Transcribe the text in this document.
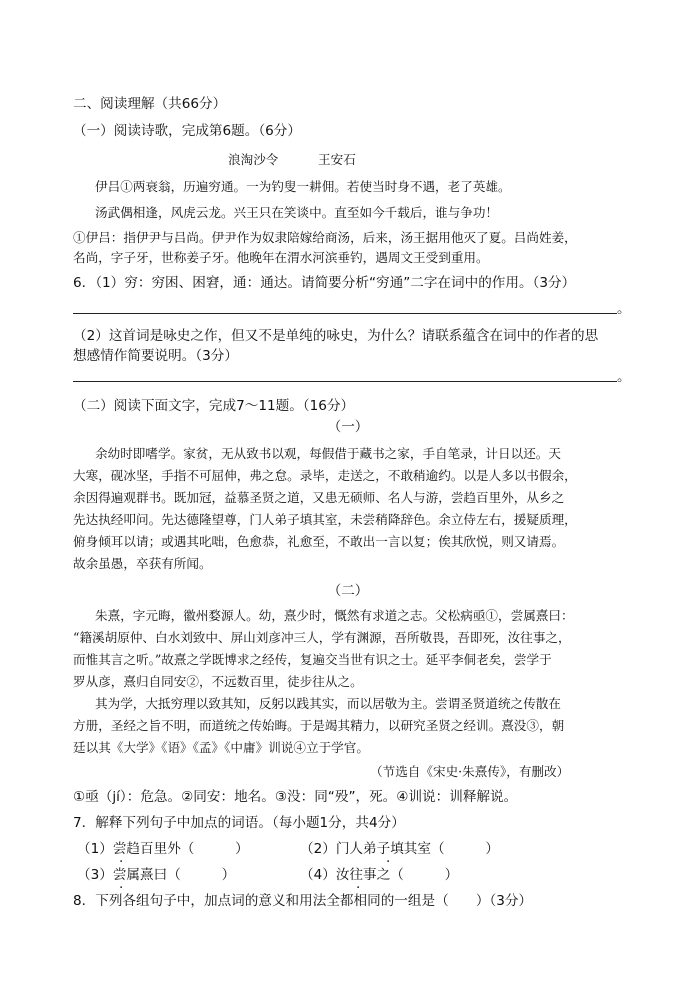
二、阅读理解（共66分）
（一）阅读诗歌，完成第6题。（6分）
浪淘沙令	王安石
伊吕①两衰翁，历遍穷通。一为钓叟一耕佣。若使当时身不遇，老了英雄。
汤武偶相逢，风虎云龙。兴王只在笑谈中。直至如今千载后，谁与争功！
①伊吕：指伊尹与吕尚。伊尹作为奴隶陪嫁给商汤，后来，汤王据用他灭了夏。吕尚姓姜，
名尚，字子牙，世称姜子牙。他晚年在渭水河滨垂钓，遇周文王受到重用。
6．（1）穷：穷困、困窘，通：通达。请简要分析“穷通”二字在词中的作用。（3分）
。
（2）这首词是咏史之作，但又不是单纯的咏史，为什么？请联系蕴含在词中的作者的思
想感情作简要说明。（3分）
。
（二）阅读下面文字，完成7～11题。（16分）
（一）
余幼时即嗜学。家贫，无从致书以观，每假借于藏书之家，手自笔录，计日以还。天
大寒，砚冰坚，手指不可屈伸，弗之怠。录毕，走送之，不敢稍逾约。以是人多以书假余，
余因得遍观群书。既加冠，益慕圣贤之道，又患无硕师、名人与游，尝趋百里外，从乡之
先达执经叩问。先达德隆望尊，门人弟子填其室，未尝稍降辞色。余立侍左右，援疑质理，
俯身倾耳以请；或遇其叱咄，色愈恭，礼愈至，不敢出一言以复；俟其欣悦，则又请焉。
故余虽愚，卒获有所闻。
（二）
朱熹，字元晦，徽州婺源人。幼，熹少时，慨然有求道之志。父松病亟①，尝属熹曰：
“籍溪胡原仲、白水刘致中、屏山刘彦冲三人，学有渊源，吾所敬畏，吾即死，汝往事之，
而惟其言之听。”故熹之学既博求之经传，复遍交当世有识之士。延平李侗老矣，尝学于
罗从彦，熹归自同安②，不远数百里，徒步往从之。
其为学，大抵穷理以致其知，反躬以践其实，而以居敬为主。尝谓圣贤道统之传散在
方册，圣经之旨不明，而道统之传始晦。于是竭其精力，以研究圣贤之经训。熹没③，朝
廷以其《大学》《语》《孟》《中庸》训说④立于学官。
（节选自《宋史·朱熹传》，有删改）
①亟（jí）：危急。②同安：地名。③没：同“殁”，死。④训说：训释解说。
7．解释下列句子中加点的词语。（每小题1分，共4分）
（1）尝趋百里外（　　　）	（2）门人弟子填其室（　　　）
（3）尝属熹曰（　　　）	（4）汝往事之（　　　）
·	·
·	·
8．下列各组句子中，加点词的意义和用法全都相同的一组是（　　）（3分）
